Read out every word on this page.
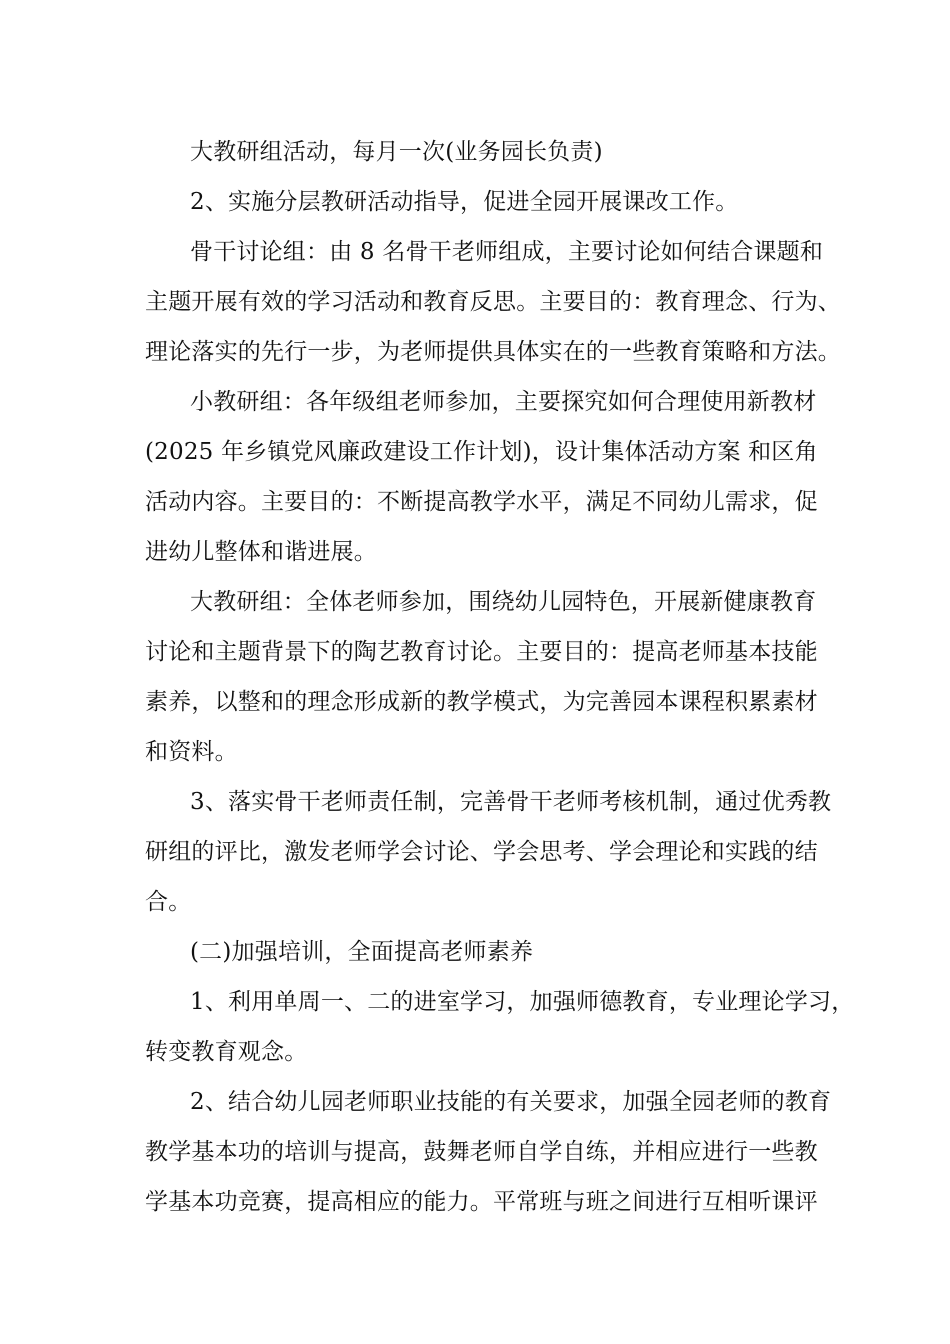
大教研组活动，每月一次(业务园长负责)
2、实施分层教研活动指导，促进全园开展课改工作。
骨干讨论组：由 8 名骨干老师组成，主要讨论如何结合课题和
主题开展有效的学习活动和教育反思。主要目的：教育理念、行为、
理论落实的先行一步，为老师提供具体实在的一些教育策略和方法。
小教研组：各年级组老师参加，主要探究如何合理使用新教材
(2025 年乡镇党风廉政建设工作计划)，设计集体活动方案 和区角
活动内容。主要目的：不断提高教学水平，满足不同幼儿需求，促
进幼儿整体和谐进展。
大教研组：全体老师参加，围绕幼儿园特色，开展新健康教育
讨论和主题背景下的陶艺教育讨论。主要目的：提高老师基本技能
素养，以整和的理念形成新的教学模式，为完善园本课程积累素材
和资料。
3、落实骨干老师责任制，完善骨干老师考核机制，通过优秀教
研组的评比，激发老师学会讨论、学会思考、学会理论和实践的结
合。
(二)加强培训，全面提高老师素养
1、利用单周一、二的进室学习，加强师德教育，专业理论学习，
转变教育观念。
2、结合幼儿园老师职业技能的有关要求，加强全园老师的教育
教学基本功的培训与提高，鼓舞老师自学自练，并相应进行一些教
学基本功竞赛，提高相应的能力。平常班与班之间进行互相听课评
